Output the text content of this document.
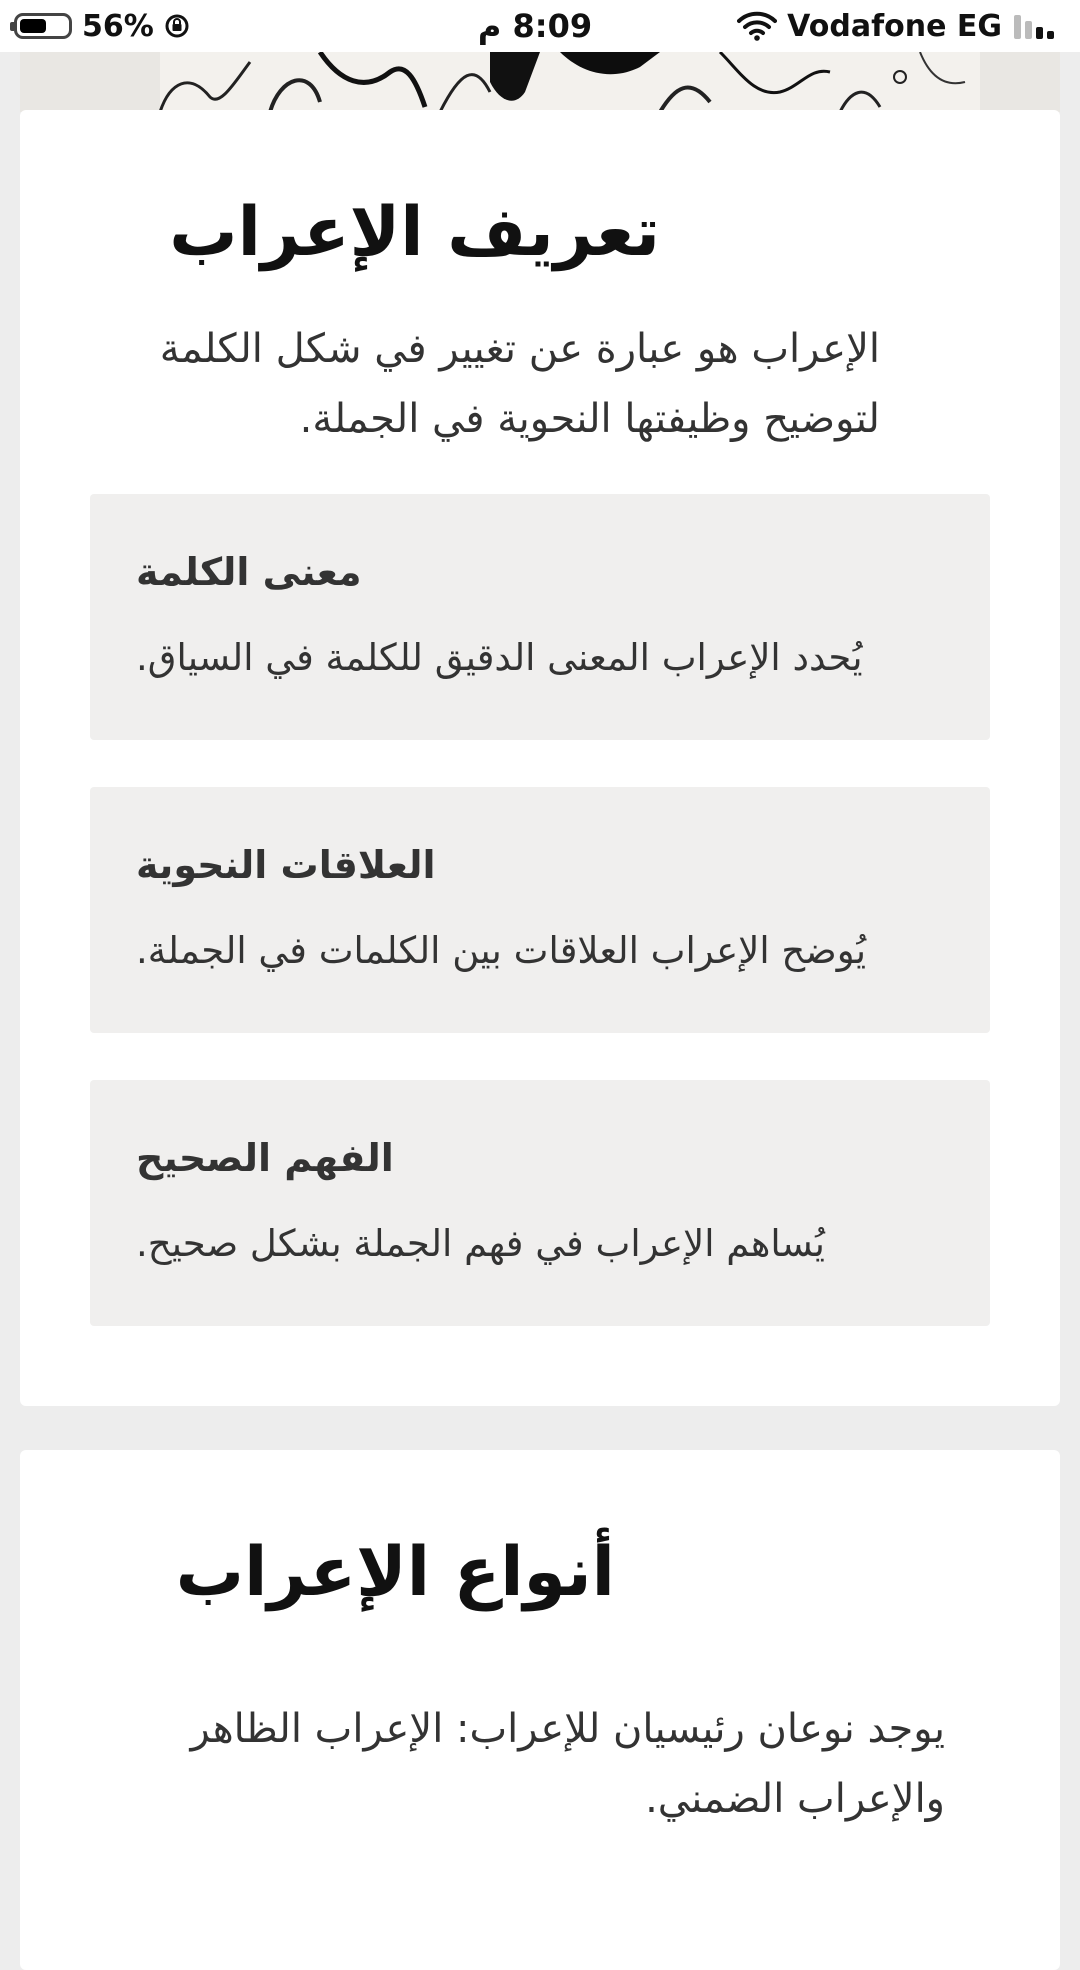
56%	8:09 م	Vodafone EG
تعريف الإعراب

الإعراب هو عبارة عن تغيير في شكل الكلمة لتوضيح وظيفتها النحوية في الجملة.

معنى الكلمة

يُحدد الإعراب المعنى الدقيق للكلمة في السياق.

العلاقات النحوية

يُوضح الإعراب العلاقات بين الكلمات في الجملة.

الفهم الصحيح

يُساهم الإعراب في فهم الجملة بشكل صحيح.

أنواع الإعراب

يوجد نوعان رئيسيان للإعراب: الإعراب الظاهر والإعراب الضمني.
